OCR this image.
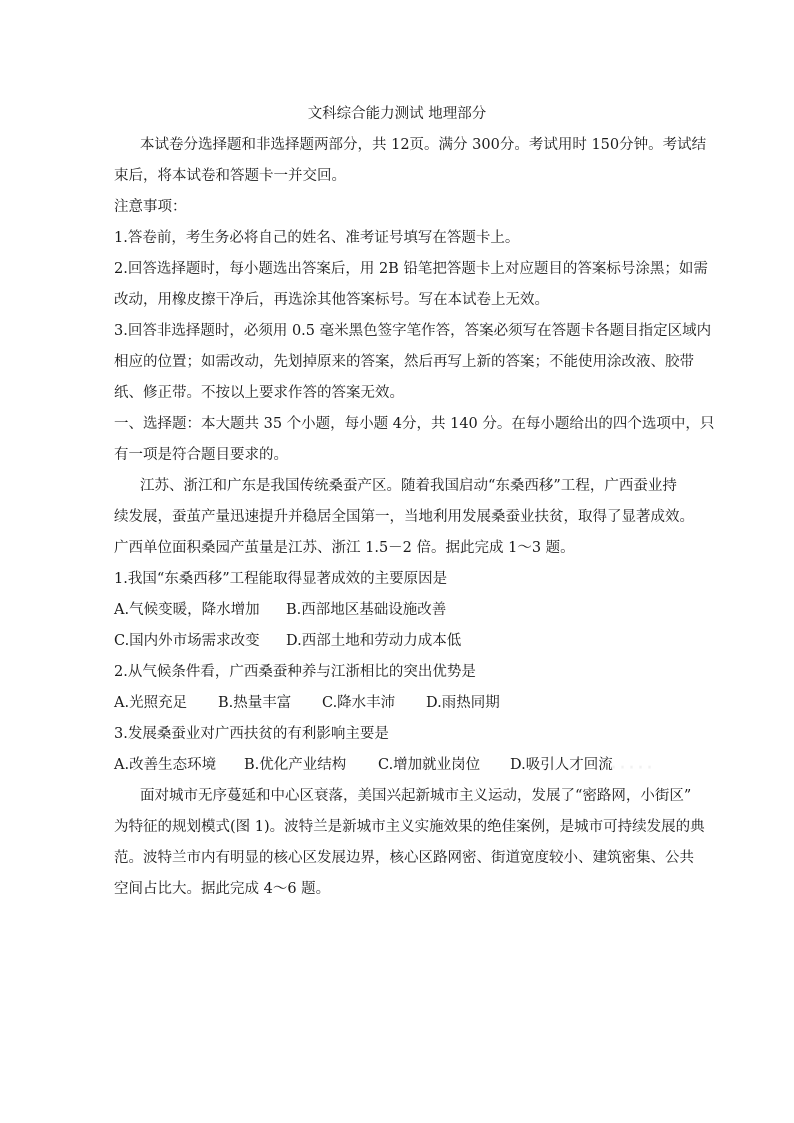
·····
文科综合能力测试 地理部分
本试卷分选择题和非选择题两部分，共 12页。满分 300分。考试用时 150分钟。考试结
束后，将本试卷和答题卡一并交回。
注意事项：
1.答卷前，考生务必将自己的姓名、准考证号填写在答题卡上。
2.回答选择题时，每小题选出答案后，用 2B 铅笔把答题卡上对应题目的答案标号涂黑；如需
改动，用橡皮擦干净后，再选涂其他答案标号。写在本试卷上无效。
3.回答非选择题时，必须用 0.5 毫米黑色签字笔作答，答案必须写在答题卡各题目指定区域内
相应的位置；如需改动，先划掉原来的答案，然后再写上新的答案；不能使用涂改液、胶带
纸、修正带。不按以上要求作答的答案无效。
一、选择题：本大题共 35 个小题，每小题 4分，共 140 分。在每小题给出的四个选项中，只
有一项是符合题目要求的。
江苏、浙江和广东是我国传统桑蚕产区。随着我国启动“东桑西移”工程，广西蚕业持
续发展，蚕茧产量迅速提升并稳居全国第一，当地利用发展桑蚕业扶贫，取得了显著成效。
广西单位面积桑园产茧量是江苏、浙江 1.5－2 倍。据此完成 1～3 题。
1.我国“东桑西移”工程能取得显著成效的主要原因是
A.气候变暖，降水增加 B.西部地区基础设施改善
C.国内外市场需求改变 D.西部土地和劳动力成本低
2.从气候条件看，广西桑蚕种养与江浙相比的突出优势是
A.光照充足 B.热量丰富 C.降水丰沛 D.雨热同期
3.发展桑蚕业对广西扶贫的有利影响主要是
A.改善生态环境 B.优化产业结构 C.增加就业岗位 D.吸引人才回流
面对城市无序蔓延和中心区衰落，美国兴起新城市主义运动，发展了“密路网，小街区”
为特征的规划模式(图 1)。波特兰是新城市主义实施效果的绝佳案例，是城市可持续发展的典
范。波特兰市内有明显的核心区发展边界，核心区路网密、街道宽度较小、建筑密集、公共
空间占比大。据此完成 4～6 题。
